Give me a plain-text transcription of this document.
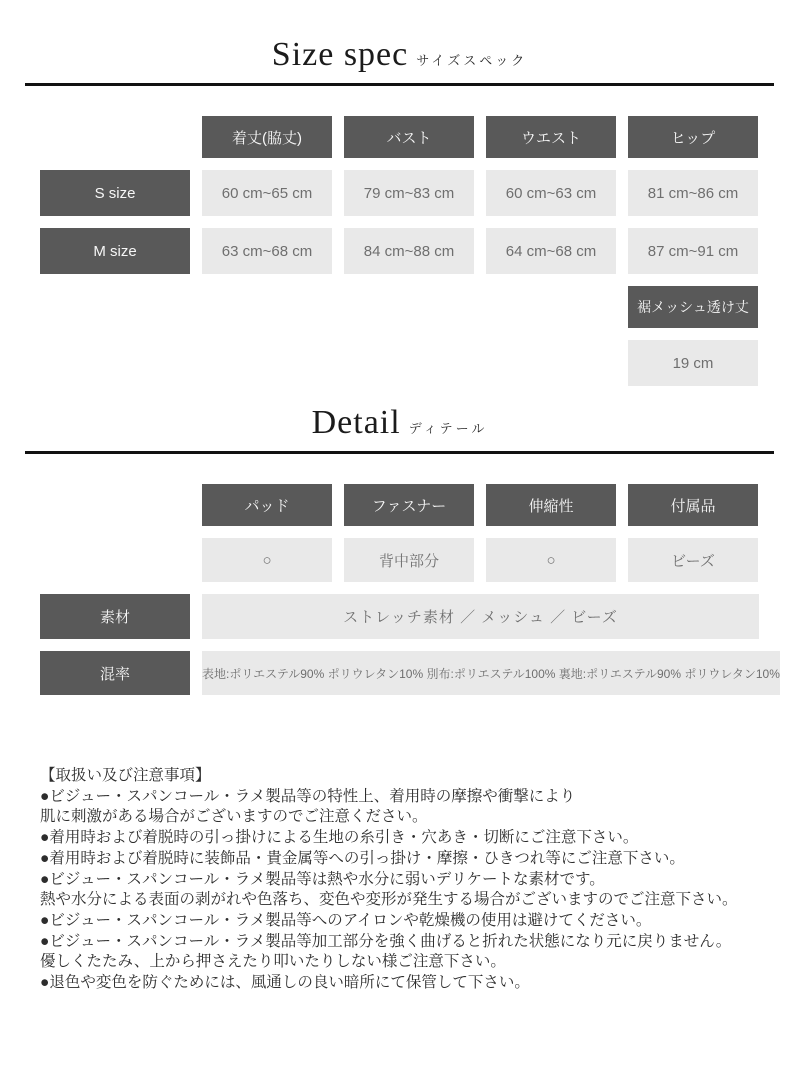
Size spec サイズスペック
着丈(脇丈)	バスト	ウエスト	ヒップ
S size	60 cm~65 cm	79 cm~83 cm	60 cm~63 cm	81 cm~86 cm
M size	63 cm~68 cm	84 cm~88 cm	64 cm~68 cm	87 cm~91 cm
裾メッシュ透け丈
19 cm
Detail ディテール
パッド	ファスナー	伸縮性	付属品
○	背中部分	○	ビーズ
素材	ストレッチ素材 ／ メッシュ ／ ビーズ
混率	表地:ポリエステル90% ポリウレタン10% 別布:ポリエステル100% 裏地:ポリエステル90% ポリウレタン10%
【取扱い及び注意事項】
●ビジュー・スパンコール・ラメ製品等の特性上、着用時の摩擦や衝撃により
肌に刺激がある場合がございますのでご注意ください。
●着用時および着脱時の引っ掛けによる生地の糸引き・穴あき・切断にご注意下さい。
●着用時および着脱時に装飾品・貴金属等への引っ掛け・摩擦・ひきつれ等にご注意下さい。
●ビジュー・スパンコール・ラメ製品等は熱や水分に弱いデリケートな素材です。
熱や水分による表面の剥がれや色落ち、変色や変形が発生する場合がございますのでご注意下さい。
●ビジュー・スパンコール・ラメ製品等へのアイロンや乾燥機の使用は避けてください。
●ビジュー・スパンコール・ラメ製品等加工部分を強く曲げると折れた状態になり元に戻りません。
優しくたたみ、上から押さえたり叩いたりしない様ご注意下さい。
●退色や変色を防ぐためには、風通しの良い暗所にて保管して下さい。
